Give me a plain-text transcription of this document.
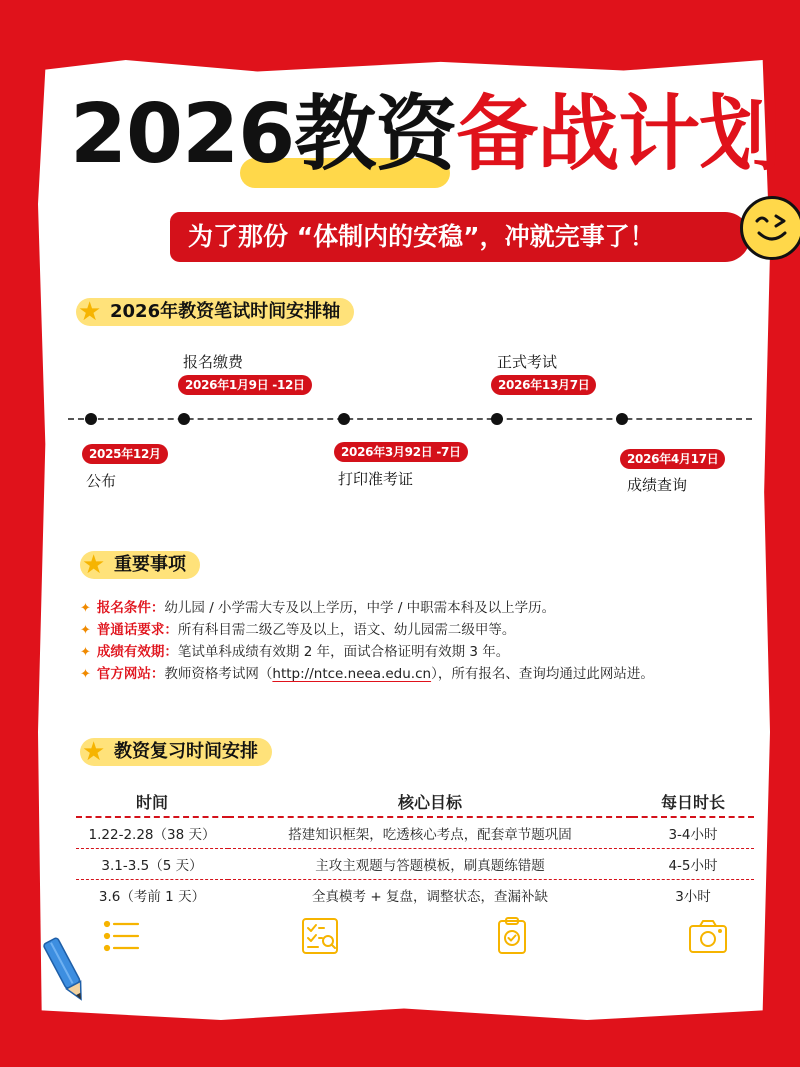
2026教资备战计划
为了那份 “体制内的安稳”，冲就完事了！
★ 2026年教资笔试时间安排轴
2025年12月
公布
报名缴费
2026年1月9日 -12日
2026年3月92日 -7日
打印准考证
正式考试
2026年13月7日
2026年4月17日
成绩查询
★ 重要事项
✦ 报名条件：幼儿园 / 小学需大专及以上学历，中学 / 中职需本科及以上学历。
✦ 普通话要求：所有科目需二级乙等及以上，语文、幼儿园需二级甲等。
✦ 成绩有效期：笔试单科成绩有效期 2 年，面试合格证明有效期 3 年。
✦ 官方网站：教师资格考试网（http://ntce.neea.edu.cn），所有报名、查询均通过此网站进。
★ 教资复习时间安排
时间	核心目标	每日时长
1.22-2.28（38 天）	搭建知识框架，吃透核心考点，配套章节题巩固	3-4小时
3.1-3.5（5 天）	主攻主观题与答题模板，刷真题练错题	4-5小时
3.6（考前 1 天）	全真模考 + 复盘，调整状态，查漏补缺	3小时
